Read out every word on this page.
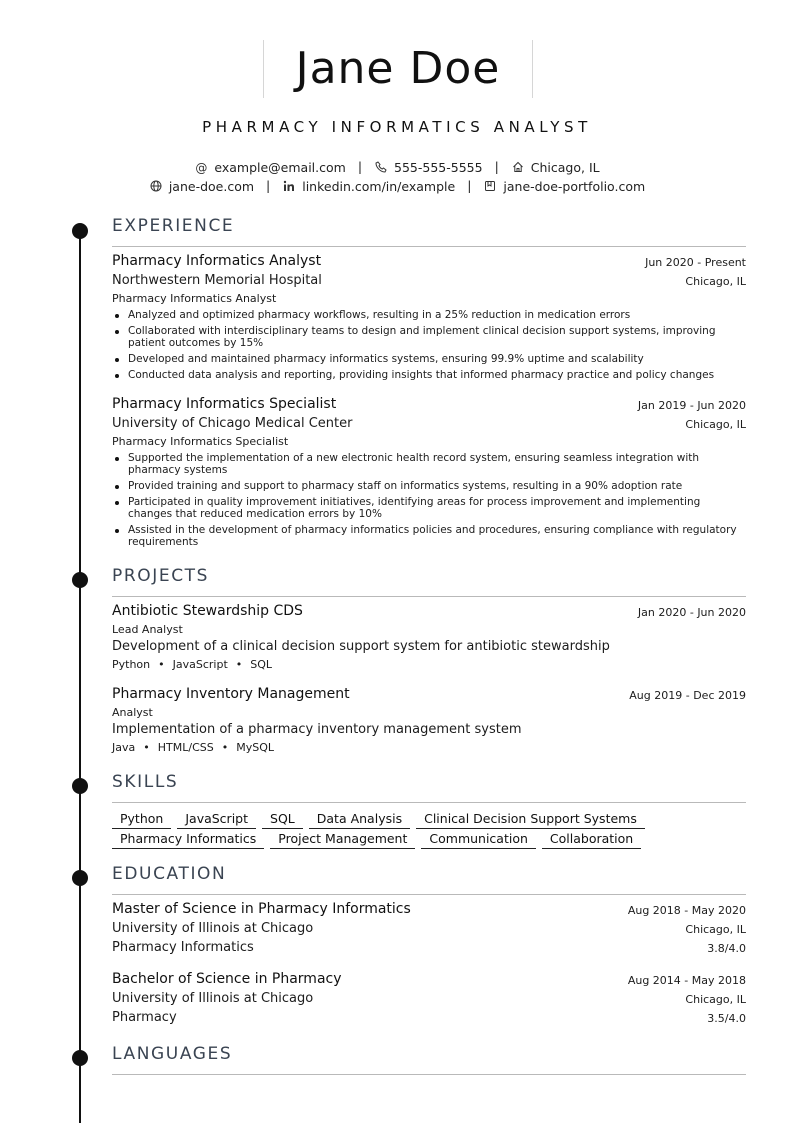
Jane Doe
PHARMACY INFORMATICS ANALYST
@ example@email.com |	555-555-5555 |	Chicago, IL
jane-doe.com |	linkedin.com/in/example |	jane-doe-portfolio.com
EXPERIENCE
Pharmacy Informatics Analyst	Jun 2020 - Present
Northwestern Memorial Hospital	Chicago, IL
Pharmacy Informatics Analyst
Analyzed and optimized pharmacy workflows, resulting in a 25% reduction in medication errors
Collaborated with interdisciplinary teams to design and implement clinical decision support systems, improving patient outcomes by 15%
Developed and maintained pharmacy informatics systems, ensuring 99.9% uptime and scalability
Conducted data analysis and reporting, providing insights that informed pharmacy practice and policy changes
Pharmacy Informatics Specialist	Jan 2019 - Jun 2020
University of Chicago Medical Center	Chicago, IL
Pharmacy Informatics Specialist
Supported the implementation of a new electronic health record system, ensuring seamless integration with pharmacy systems
Provided training and support to pharmacy staff on informatics systems, resulting in a 90% adoption rate
Participated in quality improvement initiatives, identifying areas for process improvement and implementing changes that reduced medication errors by 10%
Assisted in the development of pharmacy informatics policies and procedures, ensuring compliance with regulatory requirements
PROJECTS
Antibiotic Stewardship CDS	Jan 2020 - Jun 2020
Lead Analyst
Development of a clinical decision support system for antibiotic stewardship
Python • JavaScript • SQL
Pharmacy Inventory Management	Aug 2019 - Dec 2019
Analyst
Implementation of a pharmacy inventory management system
Java • HTML/CSS • MySQL
SKILLS
Python JavaScript SQL Data Analysis Clinical Decision Support Systems
Pharmacy Informatics Project Management Communication Collaboration
EDUCATION
Master of Science in Pharmacy Informatics	Aug 2018 - May 2020
University of Illinois at Chicago	Chicago, IL
Pharmacy Informatics	3.8/4.0
Bachelor of Science in Pharmacy	Aug 2014 - May 2018
University of Illinois at Chicago	Chicago, IL
Pharmacy	3.5/4.0
LANGUAGES
